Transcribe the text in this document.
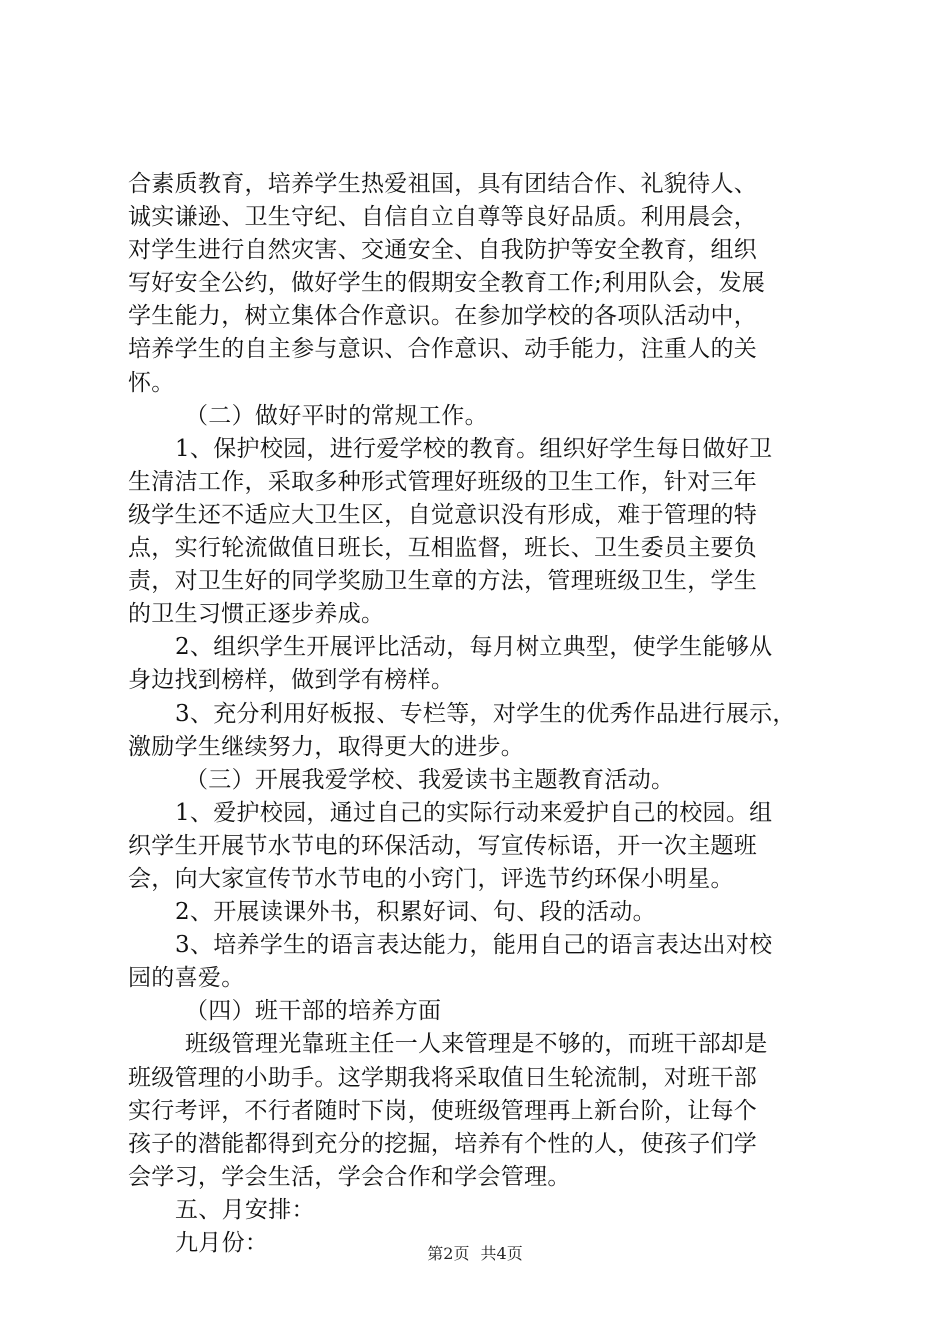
合素质教育，培养学生热爱祖国，具有团结合作、礼貌待人、
诚实谦逊、卫生守纪、自信自立自尊等良好品质。利用晨会，
对学生进行自然灾害、交通安全、自我防护等安全教育，组织
写好安全公约，做好学生的假期安全教育工作;利用队会，发展
学生能力，树立集体合作意识。在参加学校的各项队活动中，
培养学生的自主参与意识、合作意识、动手能力，注重人的关
怀。
（二）做好平时的常规工作。
1、保护校园，进行爱学校的教育。组织好学生每日做好卫
生清洁工作，采取多种形式管理好班级的卫生工作，针对三年
级学生还不适应大卫生区，自觉意识没有形成，难于管理的特
点，实行轮流做值日班长，互相监督，班长、卫生委员主要负
责，对卫生好的同学奖励卫生章的方法，管理班级卫生，学生
的卫生习惯正逐步养成。
2、组织学生开展评比活动，每月树立典型，使学生能够从
身边找到榜样，做到学有榜样。
3、充分利用好板报、专栏等，对学生的优秀作品进行展示，
激励学生继续努力，取得更大的进步。
（三）开展我爱学校、我爱读书主题教育活动。
1、爱护校园，通过自己的实际行动来爱护自己的校园。组
织学生开展节水节电的环保活动，写宣传标语，开一次主题班
会，向大家宣传节水节电的小窍门，评选节约环保小明星。
2、开展读课外书，积累好词、句、段的活动。
3、培养学生的语言表达能力，能用自己的语言表达出对校
园的喜爱。
（四）班干部的培养方面
班级管理光靠班主任一人来管理是不够的，而班干部却是
班级管理的小助手。这学期我将采取值日生轮流制，对班干部
实行考评，不行者随时下岗，使班级管理再上新台阶，让每个
孩子的潜能都得到充分的挖掘，培养有个性的人，使孩子们学
会学习，学会生活，学会合作和学会管理。
五、月安排：
九月份：	第2页 共4页
